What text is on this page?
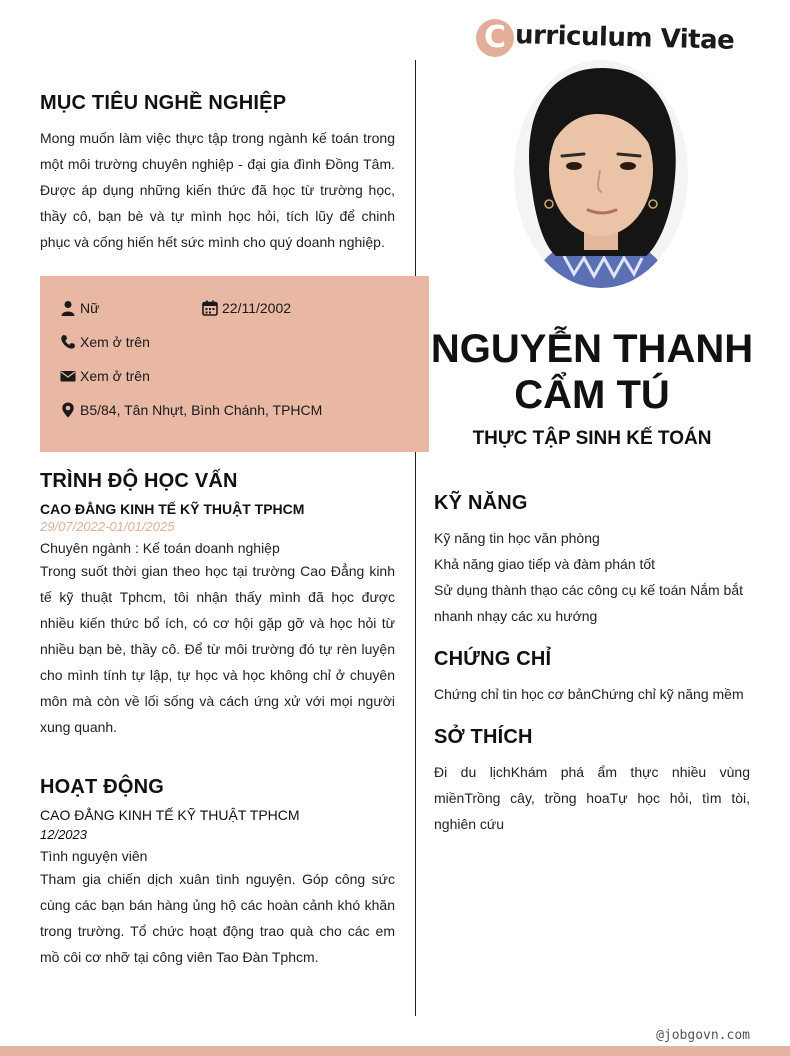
C urriculum Vitae
MỤC TIÊU NGHỀ NGHIỆP

Mong muốn làm việc thực tập trong ngành kế toán trong một môi trường chuyên nghiệp - đại gia đình Đồng Tâm. Được áp dụng những kiến thức đã học từ trường học, thầy cô, bạn bè và tự mình học hỏi, tích lũy để chinh phục và cống hiến hết sức mình cho quý doanh nghiệp.

Nữ	22/11/2002
Xem ở trên
Xem ở trên
B5/84, Tân Nhựt, Bình Chánh, TPHCM
TRÌNH ĐỘ HỌC VẤN
CAO ĐẲNG KINH TẾ KỸ THUẬT TPHCM
29/07/2022-01/01/2025
Chuyên ngành : Kế toán doanh nghiệp

Trong suốt thời gian theo học tại trường Cao Đẳng kinh tế kỹ thuật Tphcm, tôi nhận thấy mình đã học được nhiều kiến thức bổ ích, có cơ hội gặp gỡ và học hỏi từ nhiều bạn bè, thầy cô. Để từ môi trường đó tự rèn luyện cho mình tính tự lập, tự học và học không chỉ ở chuyên môn mà còn về lối sống và cách ứng xử với mọi người xung quanh.

HOẠT ĐỘNG
CAO ĐẲNG KINH TẾ KỸ THUẬT TPHCM
12/2023
Tình nguyện viên

Tham gia chiến dịch xuân tình nguyện. Góp công sức cùng các bạn bán hàng ủng hộ các hoàn cảnh khó khăn trong trường. Tổ chức hoạt động trao quà cho các em mồ côi cơ nhỡ tại công viên Tao Đàn Tphcm.

NGUYỄN THANH
CẨM TÚ
THỰC TẬP SINH KẾ TOÁN
KỸ NĂNG

Kỹ năng tin học văn phòng

Khả năng giao tiếp và đàm phán tốt

Sử dụng thành thạo các công cụ kế toán Nắm bắt nhanh nhạy các xu hướng

CHỨNG CHỈ

Chứng chỉ tin học cơ bảnChứng chỉ kỹ năng mềm

SỞ THÍCH

Đi du lịchKhám phá ẩm thực nhiều vùng miềnTrồng cây, trồng hoaTự học hỏi, tìm tòi, nghiên cứu

@jobgovn.com
